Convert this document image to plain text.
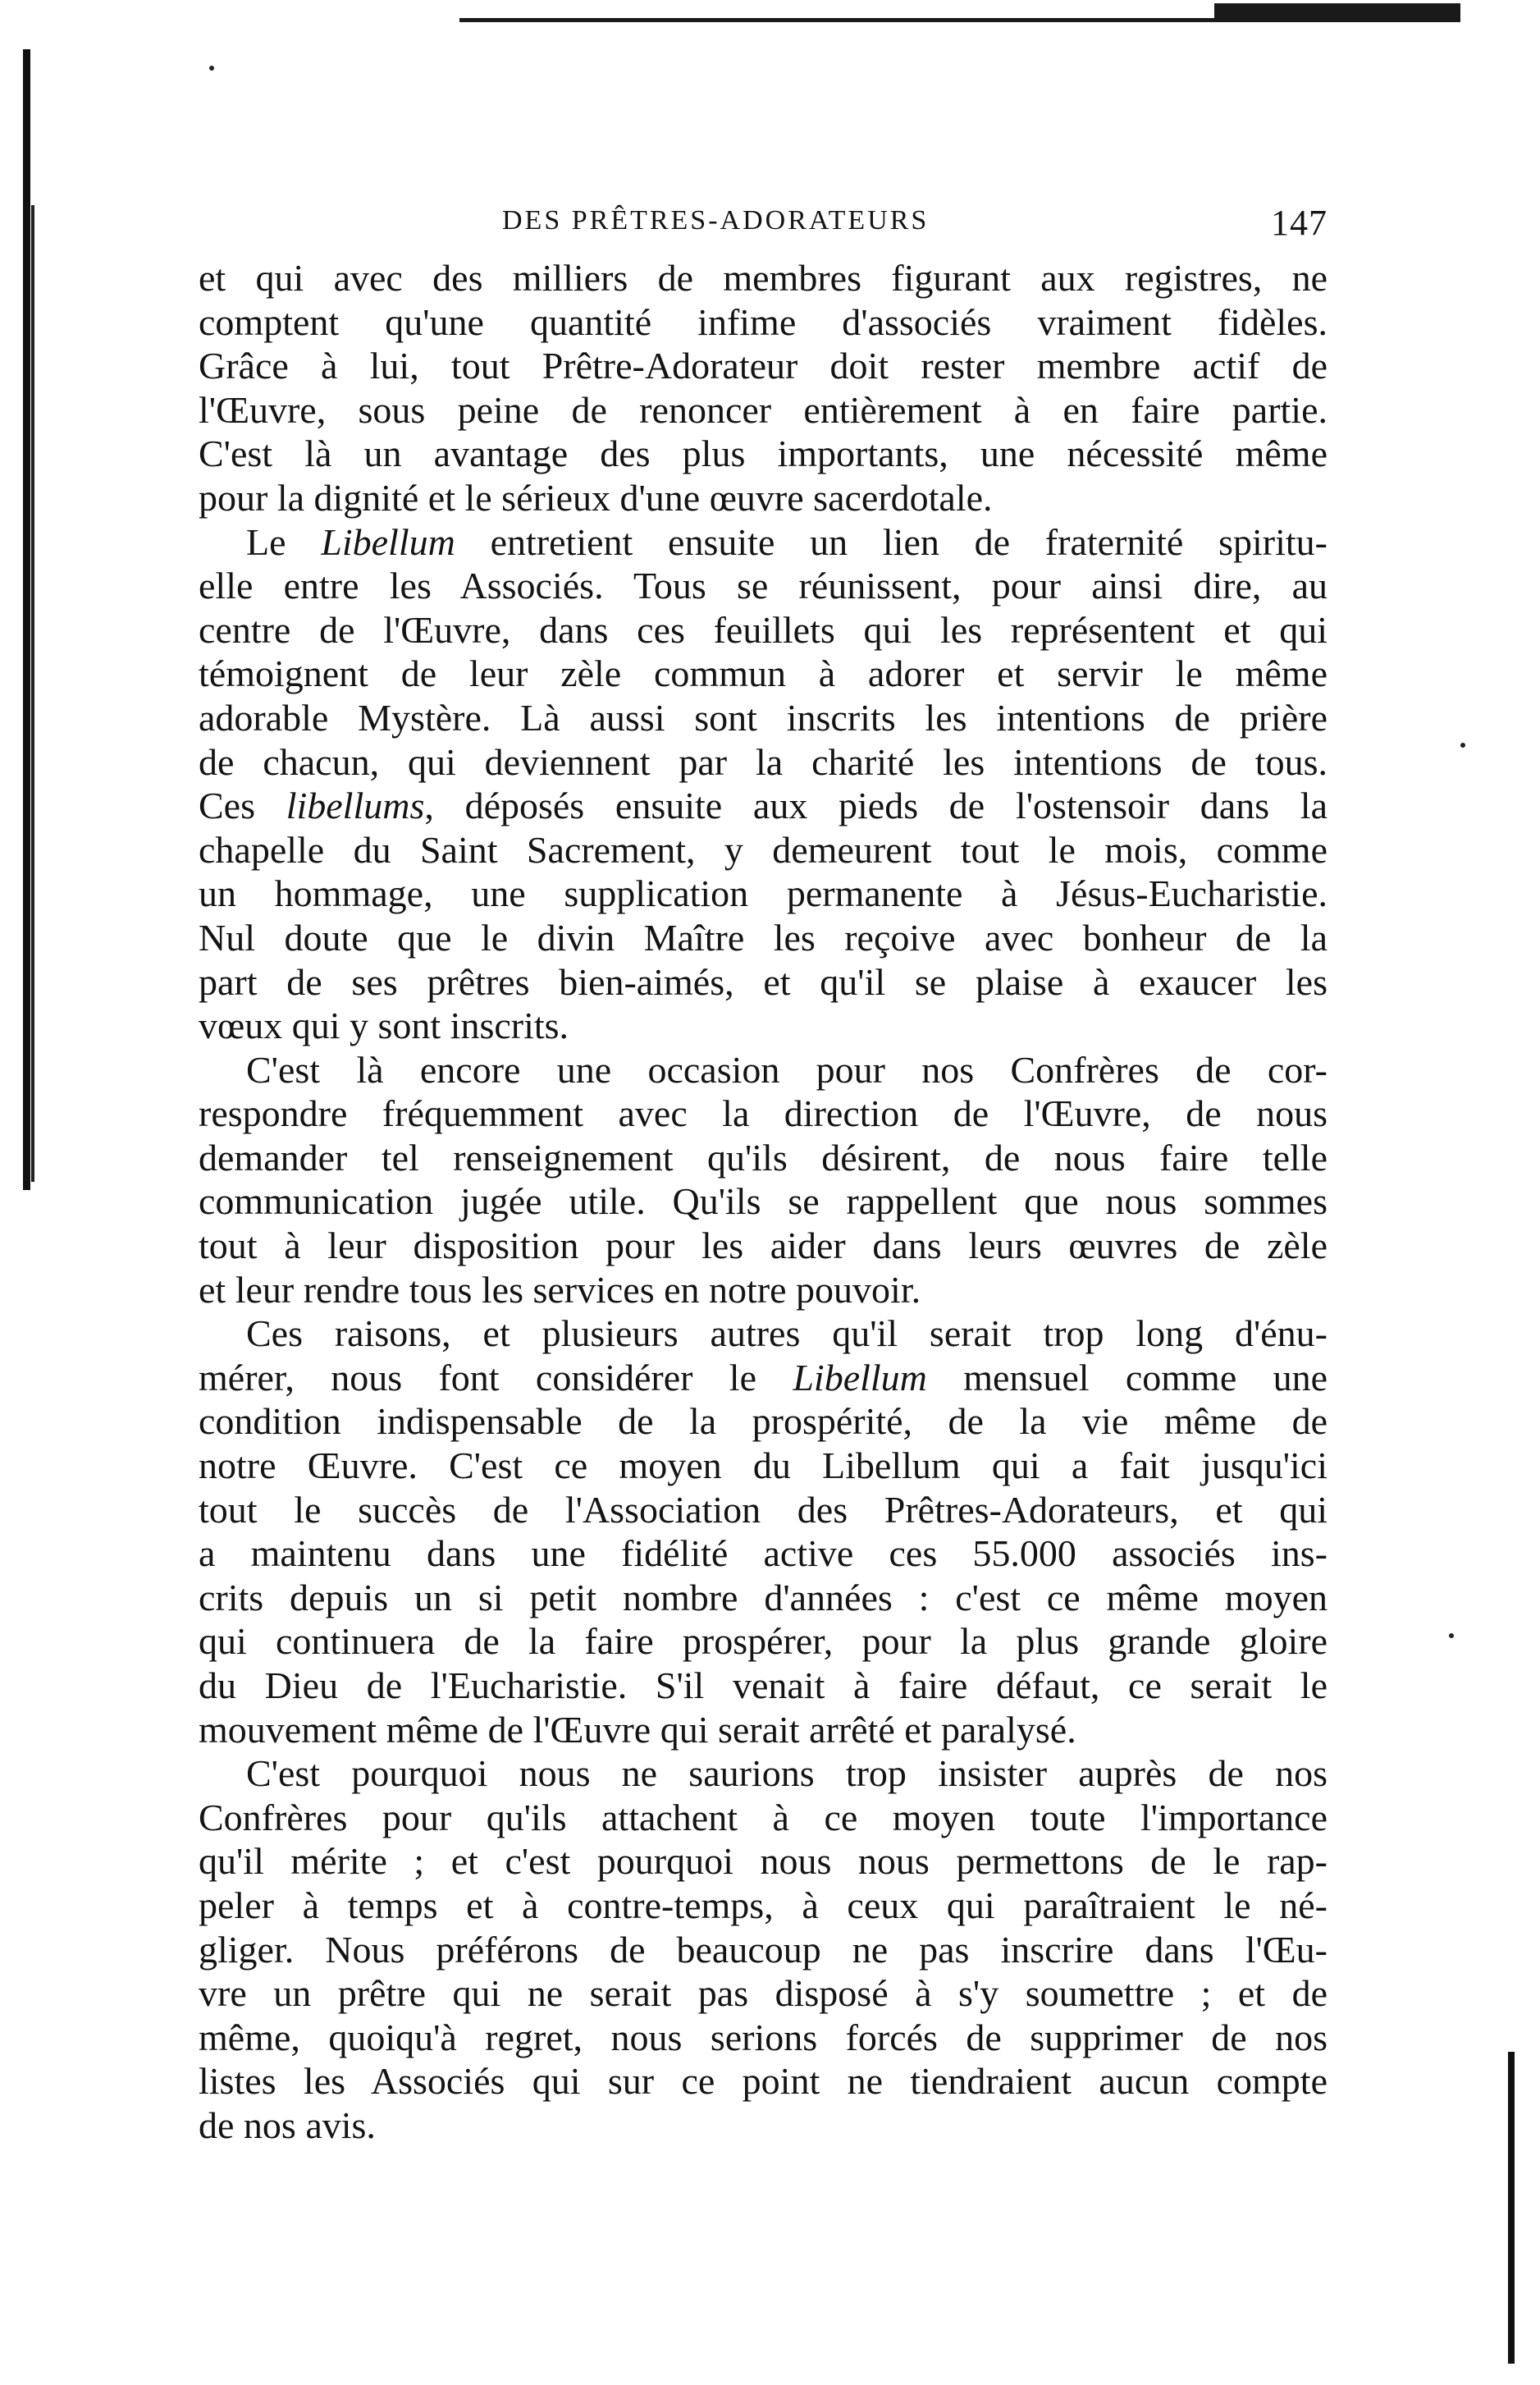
DES PRÊTRES-ADORATEURS	147
et qui avec des milliers de membres figurant aux registres, ne
comptent qu'une quantité infime d'associés vraiment fidèles.
Grâce à lui, tout Prêtre-Adorateur doit rester membre actif de
l'Œuvre, sous peine de renoncer entièrement à en faire partie.
C'est là un avantage des plus importants, une nécessité même
pour la dignité et le sérieux d'une œuvre sacerdotale.
Le Libellum entretient ensuite un lien de fraternité spiritu-
elle entre les Associés. Tous se réunissent, pour ainsi dire, au
centre de l'Œuvre, dans ces feuillets qui les représentent et qui
témoignent de leur zèle commun à adorer et servir le même
adorable Mystère. Là aussi sont inscrits les intentions de prière
de chacun, qui deviennent par la charité les intentions de tous.
Ces libellums, déposés ensuite aux pieds de l'ostensoir dans la
chapelle du Saint Sacrement, y demeurent tout le mois, comme
un hommage, une supplication permanente à Jésus-Eucharistie.
Nul doute que le divin Maître les reçoive avec bonheur de la
part de ses prêtres bien-aimés, et qu'il se plaise à exaucer les
vœux qui y sont inscrits.
C'est là encore une occasion pour nos Confrères de cor-
respondre fréquemment avec la direction de l'Œuvre, de nous
demander tel renseignement qu'ils désirent, de nous faire telle
communication jugée utile. Qu'ils se rappellent que nous sommes
tout à leur disposition pour les aider dans leurs œuvres de zèle
et leur rendre tous les services en notre pouvoir.
Ces raisons, et plusieurs autres qu'il serait trop long d'énu-
mérer, nous font considérer le Libellum mensuel comme une
condition indispensable de la prospérité, de la vie même de
notre Œuvre. C'est ce moyen du Libellum qui a fait jusqu'ici
tout le succès de l'Association des Prêtres-Adorateurs, et qui
a maintenu dans une fidélité active ces 55.000 associés ins-
crits depuis un si petit nombre d'années : c'est ce même moyen
qui continuera de la faire prospérer, pour la plus grande gloire
du Dieu de l'Eucharistie. S'il venait à faire défaut, ce serait le
mouvement même de l'Œuvre qui serait arrêté et paralysé.
C'est pourquoi nous ne saurions trop insister auprès de nos
Confrères pour qu'ils attachent à ce moyen toute l'importance
qu'il mérite ; et c'est pourquoi nous nous permettons de le rap-
peler à temps et à contre-temps, à ceux qui paraîtraient le né-
gliger. Nous préférons de beaucoup ne pas inscrire dans l'Œu-
vre un prêtre qui ne serait pas disposé à s'y soumettre ; et de
même, quoiqu'à regret, nous serions forcés de supprimer de nos
listes les Associés qui sur ce point ne tiendraient aucun compte
de nos avis.
